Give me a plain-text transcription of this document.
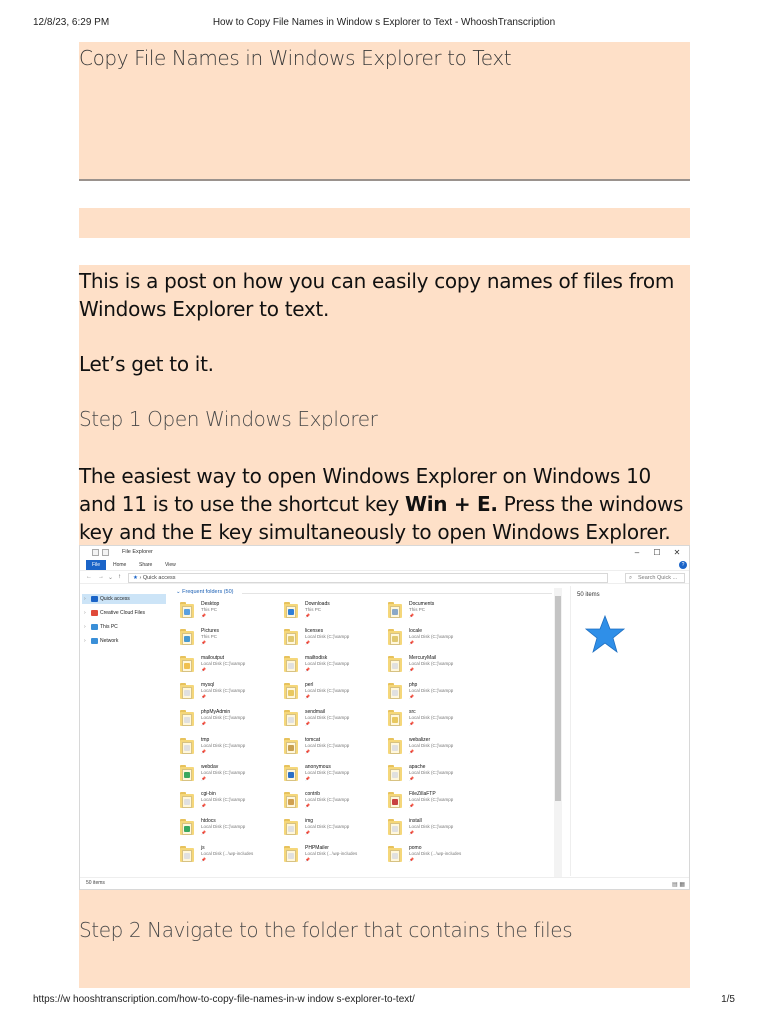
12/8/23, 6:29 PM	How to Copy File Names in Window s Explorer to Text - WhooshTranscription
Copy File Names in Windows Explorer to Text

This is a post on how you can easily copy names of files from Windows Explorer to text.

Let’s get to it.

Step 1 Open Windows Explorer

The easiest way to open Windows Explorer on Windows 10 and 11 is to use the shortcut key Win + E. Press the windows key and the E key simultaneously to open Windows Explorer.

File Explorer	–	☐	✕
File	Home	Share	View	?
← → ⌄ ↑	★ › Quick access	⌕ Search Quick ...
›	Quick access
›	Creative Cloud Files
›	This PC
›	Network
⌄ Frequent folders (50)
Desktop
This PC
📌
Downloads
This PC
📌
Documents
This PC
📌
Pictures
This PC
📌
licenses
Local Disk (C:)\xampp
📌
locale
Local Disk (C:)\xampp
📌
mailoutput
Local Disk (C:)\xampp
📌
mailtodisk
Local Disk (C:)\xampp
📌
MercuryMail
Local Disk (C:)\xampp
📌
mysql
Local Disk (C:)\xampp
📌
perl
Local Disk (C:)\xampp
📌
php
Local Disk (C:)\xampp
📌
phpMyAdmin
Local Disk (C:)\xampp
📌
sendmail
Local Disk (C:)\xampp
📌
src
Local Disk (C:)\xampp
📌
tmp
Local Disk (C:)\xampp
📌
tomcat
Local Disk (C:)\xampp
📌
webalizer
Local Disk (C:)\xampp
📌
webdav
Local Disk (C:)\xampp
📌
anonymous
Local Disk (C:)\xampp
📌
apache
Local Disk (C:)\xampp
📌
cgi-bin
Local Disk (C:)\xampp
📌
contrib
Local Disk (C:)\xampp
📌
FileZillaFTP
Local Disk (C:)\xampp
📌
htdocs
Local Disk (C:)\xampp
📌
img
Local Disk (C:)\xampp
📌
install
Local Disk (C:)\xampp
📌
js
Local Disk (...\wp-includes
📌
PHPMailer
Local Disk (...\wp-includes
📌
pomo
Local Disk (...\wp-includes
📌
50 items
50 items	▤ ▦
Step 2 Navigate to the folder that contains the files
https://w hooshtranscription.com/how-to-copy-file-names-in-w indow s-explorer-to-text/	1/5
